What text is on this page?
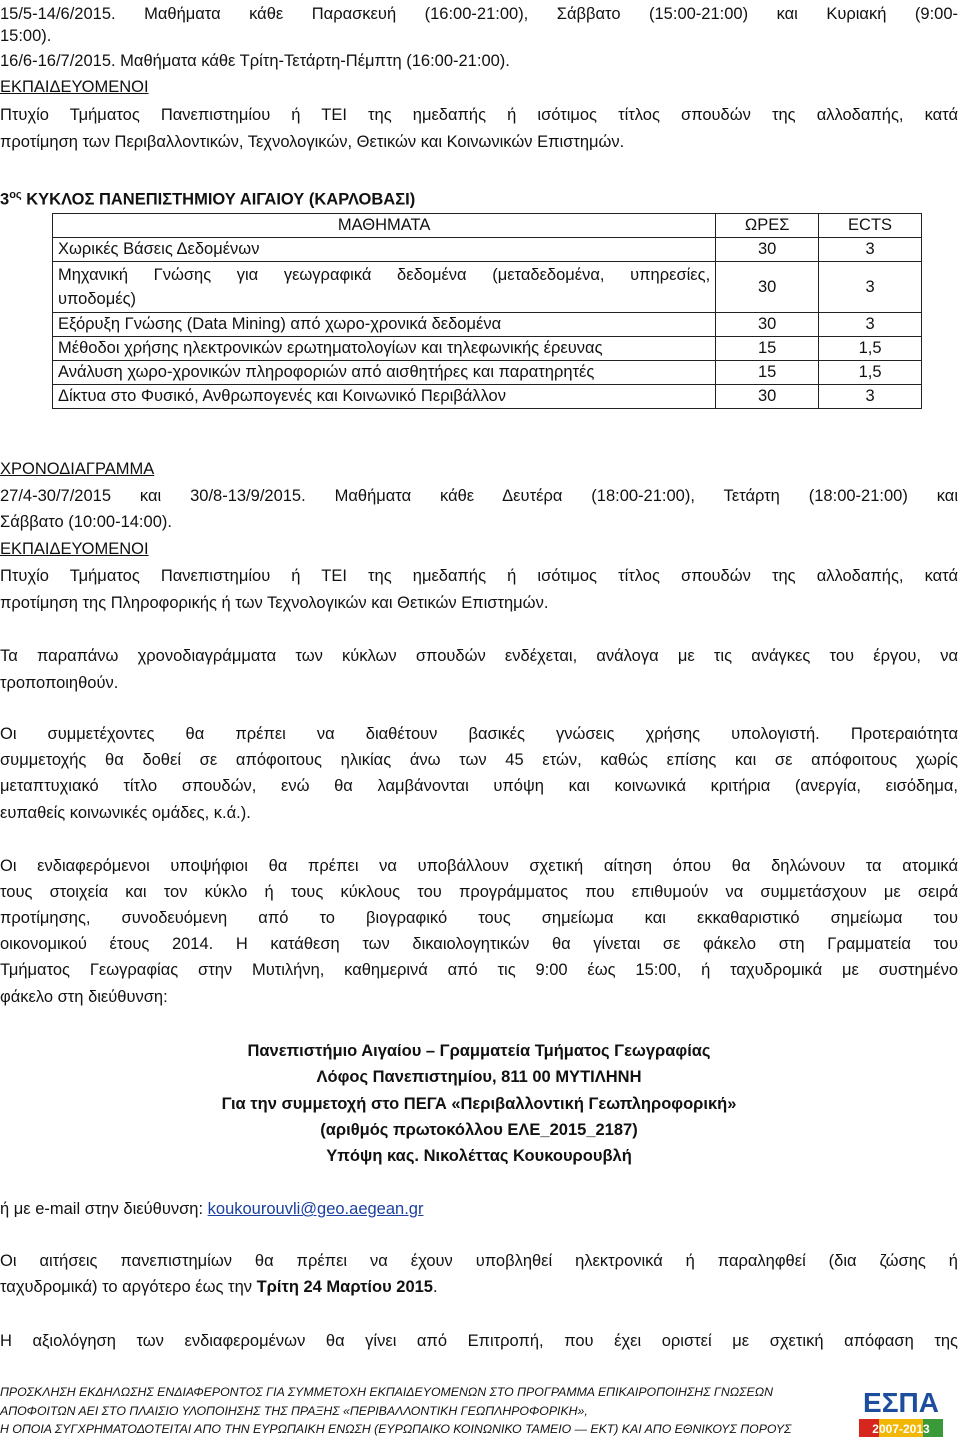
15/5-14/6/2015. Μαθήματα κάθε Παρασκευή (16:00-21:00), Σάββατο (15:00-21:00) και Κυριακή (9:00-
15:00).
16/6-16/7/2015. Μαθήματα κάθε Τρίτη-Τετάρτη-Πέμπτη (16:00-21:00).
ΕΚΠΑΙΔΕΥΟΜΕΝΟΙ
Πτυχίο Τμήματος Πανεπιστημίου ή ΤΕΙ της ημεδαπής ή ισότιμος τίτλος σπουδών της αλλοδαπής, κατά
προτίμηση των Περιβαλλοντικών, Τεχνολογικών, Θετικών και Κοινωνικών Επιστημών.
$3^{o\varsigma}$ ΚΥΚΛΟΣ ΠΑΝΕΠΙΣΤΗΜΙΟΥ ΑΙΓΑΙΟΥ (ΚΑΡΛΟΒΑΣΙ)
ΜΑΘΗΜΑΤΑ	ΩΡΕΣ	ECTS
Χωρικές Βάσεις Δεδομένων	30	3

Μηχανική Γνώσης για γεωγραφικά δεδομένα (μεταδεδομένα, υπηρεσίες,
υποδομές)	30	3
Εξόρυξη Γνώσης (Data Mining) από χωρο-χρονικά δεδομένα	30	3
Μέθοδοι χρήσης ηλεκτρονικών ερωτηματολογίων και τηλεφωνικής έρευνας	15	1,5
Ανάλυση χωρο-χρονικών πληροφοριών από αισθητήρες και παρατηρητές	15	1,5
Δίκτυα στο Φυσικό, Ανθρωπογενές και Κοινωνικό Περιβάλλον	30	3
ΧΡΟΝΟΔΙΑΓΡΑΜΜΑ
27/4-30/7/2015 και 30/8-13/9/2015. Μαθήματα κάθε Δευτέρα (18:00-21:00), Τετάρτη (18:00-21:00) και
Σάββατο (10:00-14:00).
ΕΚΠΑΙΔΕΥΟΜΕΝΟΙ
Πτυχίο Τμήματος Πανεπιστημίου ή ΤΕΙ της ημεδαπής ή ισότιμος τίτλος σπουδών της αλλοδαπής, κατά
προτίμηση της Πληροφορικής ή των Τεχνολογικών και Θετικών Επιστημών.
Τα παραπάνω χρονοδιαγράμματα των κύκλων σπουδών ενδέχεται, ανάλογα με τις ανάγκες του έργου, να
τροποποιηθούν.
Οι συμμετέχοντες θα πρέπει να διαθέτουν βασικές γνώσεις χρήσης υπολογιστή. Προτεραιότητα
συμμετοχής θα δοθεί σε απόφοιτους ηλικίας άνω των 45 ετών, καθώς επίσης και σε απόφοιτους χωρίς
μεταπτυχιακό τίτλο σπουδών, ενώ θα λαμβάνονται υπόψη και κοινωνικά κριτήρια (ανεργία, εισόδημα,
ευπαθείς κοινωνικές ομάδες, κ.ά.).
Οι ενδιαφερόμενοι υποψήφιοι θα πρέπει να υποβάλλουν σχετική αίτηση όπου θα δηλώνουν τα ατομικά
τους στοιχεία και τον κύκλο ή τους κύκλους του προγράμματος που επιθυμούν να συμμετάσχουν με σειρά
προτίμησης, συνοδευόμενη από το βιογραφικό τους σημείωμα και εκκαθαριστικό σημείωμα του
οικονομικού έτους 2014. Η κατάθεση των δικαιολογητικών θα γίνεται σε φάκελο στη Γραμματεία του
Τμήματος Γεωγραφίας στην Μυτιλήνη, καθημερινά από τις 9:00 έως 15:00, ή ταχυδρομικά με συστημένο
φάκελο στη διεύθυνση:
Πανεπιστήμιο Αιγαίου – Γραμματεία Τμήματος Γεωγραφίας
Λόφος Πανεπιστημίου, 811 00 ΜΥΤΙΛΗΝΗ
Για την συμμετοχή στο ΠΕΓΑ «Περιβαλλοντική Γεωπληροφορική»
(αριθμός πρωτοκόλλου ΕΛΕ_2015_2187)
Υπόψη κας. Νικολέττας Κουκουρουβλή
ή με e-mail στην διεύθυνση: koukourouvli@geo.aegean.gr
Οι αιτήσεις πανεπιστημίων θα πρέπει να έχουν υποβληθεί ηλεκτρονικά ή παραληφθεί (δια ζώσης ή
ταχυδρομικά) το αργότερο έως την Τρίτη 24 Μαρτίου 2015.
Η αξιολόγηση των ενδιαφερομένων θα γίνει από Επιτροπή, που έχει οριστεί με σχετική απόφαση της
ΠΡΟΣΚΛΗΣΗ ΕΚΔΗΛΩΣΗΣ ΕΝΔΙΑΦΕΡΟΝΤΟΣ ΓΙΑ ΣΥΜΜΕΤΟΧΗ ΕΚΠΑΙΔΕΥΟΜΕΝΩΝ ΣΤΟ ΠΡΟΓΡΑΜΜΑ ΕΠΙΚΑΙΡΟΠΟΙΗΣΗΣ ΓΝΩΣΕΩΝ
ΑΠΟΦΟΙΤΩΝ ΑΕΙ ΣΤΟ ΠΛΑΙΣΙΟ ΥΛΟΠΟΙΗΣΗΣ ΤΗΣ ΠΡΑΞΗΣ «ΠΕΡΙΒΑΛΛΟΝΤΙΚΗ ΓΕΩΠΛΗΡΟΦΟΡΙΚΗ»,
Η ΟΠΟΙΑ ΣΥΓΧΡΗΜΑΤΟΔΟΤΕΙΤΑΙ ΑΠΟ ΤΗΝ ΕΥΡΩΠΑΙΚΗ ΕΝΩΣΗ (ΕΥΡΩΠΑΙΚΟ ΚΟΙΝΩΝΙΚΟ ΤΑΜΕΙΟ — ΕΚΤ) ΚΑΙ ΑΠΟ ΕΘΝΙΚΟΥΣ ΠΟΡΟΥΣ
ΕΣΠΑ
2007-2013
